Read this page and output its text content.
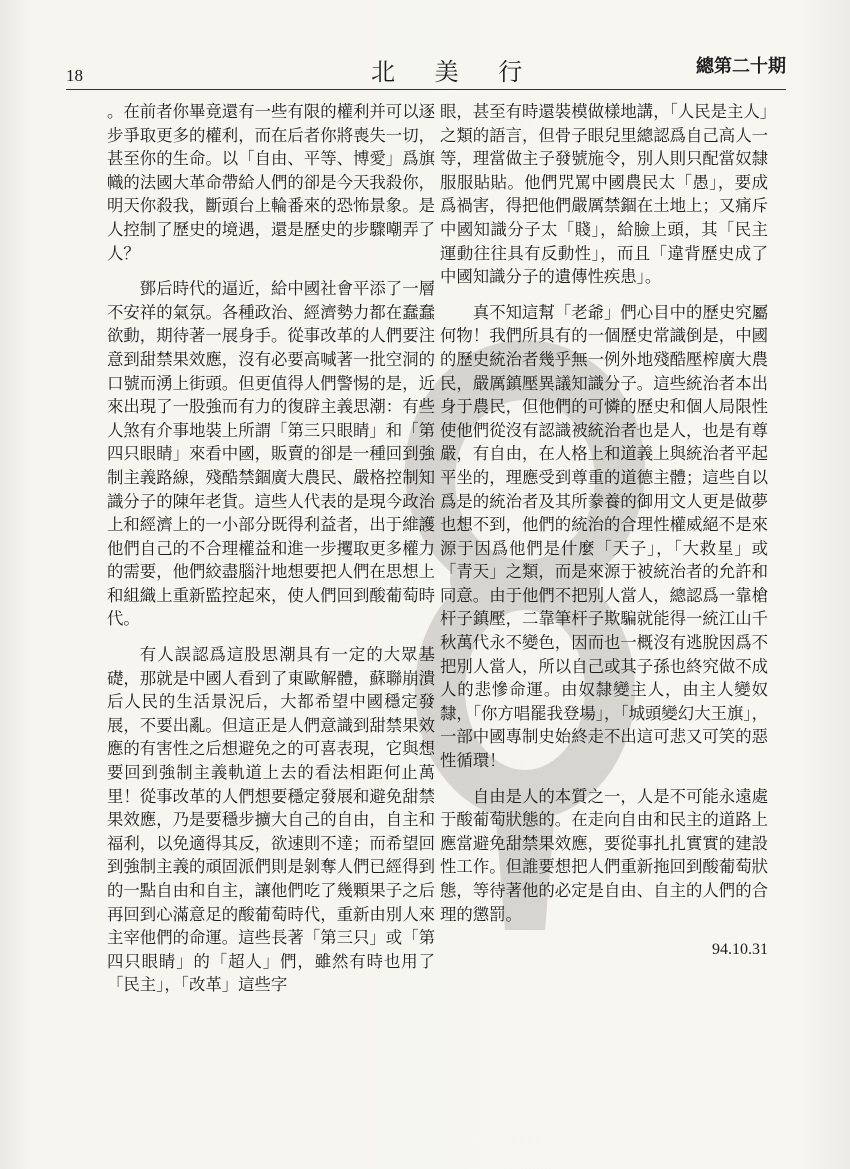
18	北 美 行	總第二十期

。在前者你畢竟還有一些有限的權利并可以逐步爭取更多的權利，而在后者你將喪失一切，甚至你的生命。以「自由、平等、博愛」爲旗幟的法國大革命帶給人們的卻是今天我殺你，明天你殺我，斷頭台上輪番來的恐怖景象。是人控制了歷史的境遇，還是歷史的步驟嘲弄了人？

鄧后時代的逼近，給中國社會平添了一層不安祥的氣氛。各種政治、經濟勢力都在蠢蠢欲動，期待著一展身手。從事改革的人們要注意到甜禁果效應，沒有必要高喊著一批空洞的口號而湧上街頭。但更值得人們警惕的是，近來出現了一股強而有力的復辟主義思潮：有些人煞有介事地裝上所謂「第三只眼睛」和「第四只眼睛」來看中國，販賣的卻是一種回到強制主義路線，殘酷禁錮廣大農民、嚴格控制知識分子的陳年老貨。這些人代表的是現今政治上和經濟上的一小部分既得利益者，出于維護他們自己的不合理權益和進一步攫取更多權力的需要，他們絞盡腦汁地想要把人們在思想上和組織上重新監控起來，使人們回到酸葡萄時代。

有人誤認爲這股思潮具有一定的大眾基礎，那就是中國人看到了東歐解體，蘇聯崩潰后人民的生活景況后，大都希望中國穩定發展，不要出亂。但這正是人們意識到甜禁果效應的有害性之后想避免之的可喜表現，它與想要回到強制主義軌道上去的看法相距何止萬里！從事改革的人們想要穩定發展和避免甜禁果效應，乃是要穩步擴大自己的自由，自主和福利，以免適得其反，欲速則不達；而希望回到強制主義的頑固派們則是剝奪人們已經得到的一點自由和自主，讓他們吃了幾顆果子之后再回到心滿意足的酸葡萄時代，重新由別人來主宰他們的命運。這些長著「第三只」或「第四只眼睛」的「超人」們，雖然有時也用了「民主」，「改革」這些字

眼，甚至有時還裝模做樣地講，「人民是主人」之類的語言，但骨子眼兒里總認爲自己高人一等，理當做主子發號施令，別人則只配當奴隸服服貼貼。他們咒罵中國農民太「愚」，要成爲禍害，得把他們嚴厲禁錮在土地上；又痛斥中國知識分子太「賤」，給臉上頭，其「民主運動往往具有反動性」，而且「違背歷史成了中國知識分子的遺傳性疾患」。

真不知這幫「老爺」們心目中的歷史究屬何物！我們所具有的一個歷史常識倒是，中國的歷史統治者幾乎無一例外地殘酷壓榨廣大農民，嚴厲鎮壓異議知識分子。這些統治者本出身于農民，但他們的可憐的歷史和個人局限性使他們從沒有認識被統治者也是人，也是有尊嚴，有自由，在人格上和道義上與統治者平起平坐的，理應受到尊重的道德主體；這些自以爲是的統治者及其所豢養的御用文人更是做夢也想不到，他們的統治的合理性權威絕不是來源于因爲他們是什麼「天子」，「大救星」或「青天」之類，而是來源于被統治者的允許和同意。由于他們不把別人當人，總認爲一靠槍杆子鎮壓，二靠筆杆子欺騙就能得一統江山千秋萬代永不變色，因而也一概沒有逃脫因爲不把別人當人，所以自己或其子孫也終究做不成人的悲慘命運。由奴隸變主人，由主人變奴隸，「你方唱罷我登場」，「城頭變幻大王旗」，一部中國專制史始終走不出這可悲又可笑的惡性循環！

自由是人的本質之一，人是不可能永遠處于酸葡萄狀態的。在走向自由和民主的道路上應當避免甜禁果效應，要從事扎扎實實的建設性工作。但誰要想把人們重新拖回到酸葡萄狀態，等待著他的必定是自由、自主的人們的合理的懲罰。

94.10.31
